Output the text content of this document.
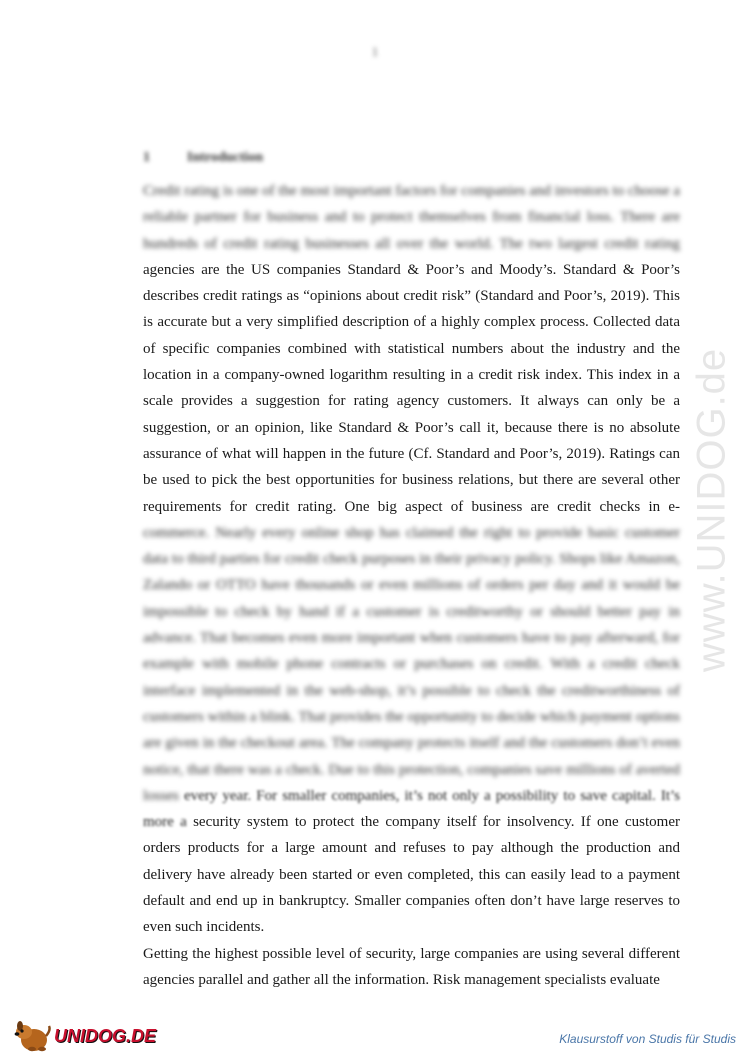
1
1	Introduction

Credit rating is one of the most important factors for companies and investors to choose a reliable partner for business and to protect themselves from financial loss. There are hundreds of credit rating businesses all over the world. The two largest credit rating agencies are the US companies Standard & Poor’s and Moody’s. Standard & Poor’s describes credit ratings as “opinions about credit risk” (Standard and Poor’s, 2019). This is accurate but a very simplified description of a highly complex process. Collected data of specific companies combined with statistical numbers about the industry and the location in a company-owned logarithm resulting in a credit risk index. This index in a scale provides a suggestion for rating agency customers. It always can only be a suggestion, or an opinion, like Standard & Poor’s call it, because there is no absolute assurance of what will happen in the future (Cf. Standard and Poor’s, 2019). Ratings can be used to pick the best opportunities for business relations, but there are several other requirements for credit rating. One big aspect of business are credit checks in e-commerce. Nearly every online shop has claimed the right to provide basic customer data to third parties for credit check purposes in their privacy policy. Shops like Amazon, Zalando or OTTO have thousands or even millions of orders per day and it would be impossible to check by hand if a customer is creditworthy or should better pay in advance. That becomes even more important when customers have to pay afterward, for example with mobile phone contracts or purchases on credit. With a credit check interface implemented in the web-shop, it’s possible to check the creditworthiness of customers within a blink. That provides the opportunity to decide which payment options are given in the checkout area. The company protects itself and the customers don’t even notice, that there was a check. Due to this protection, companies save millions of averted losses every year. For smaller companies, it’s not only a possibility to save capital. It’s more a security system to protect the company itself for insolvency. If one customer orders products for a large amount and refuses to pay although the production and delivery have already been started or even completed, this can easily lead to a payment default and end up in bankruptcy. Smaller companies often don’t have large reserves to even such incidents.

Getting the highest possible level of security, large companies are using several different agencies parallel and gather all the information. Risk management specialists evaluate

www.UNIDOG.de
UNIDOG.DE	Klausurstoff von Studis für Studis
